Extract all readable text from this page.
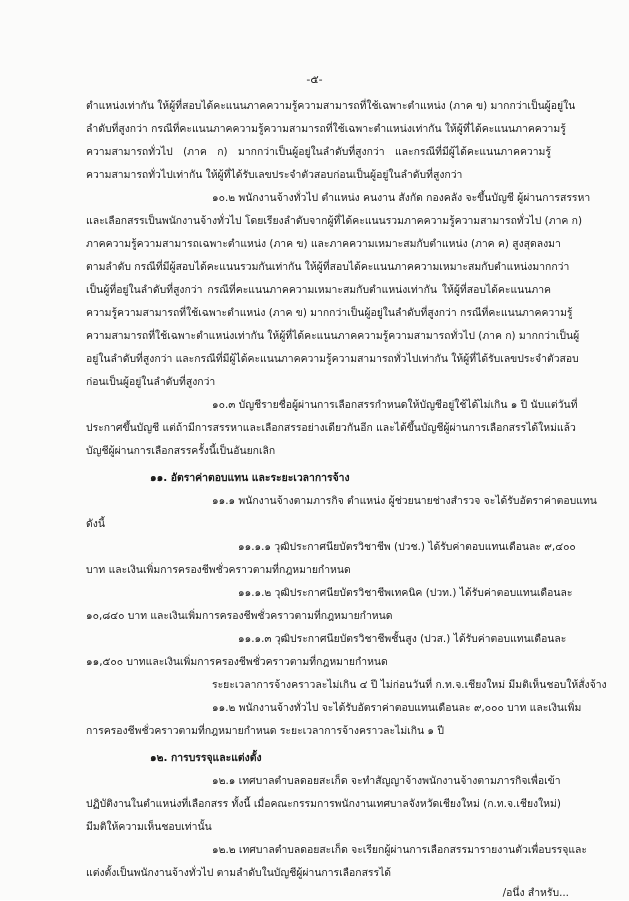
-๕-
ตำแหน่งเท่ากัน ให้ผู้ที่สอบได้คะแนนภาคความรู้ความสามารถที่ใช้เฉพาะตำแหน่ง (ภาค ข) มากกว่าเป็นผู้อยู่ใน
ลำดับที่สูงกว่า กรณีที่คะแนนภาคความรู้ความสามารถที่ใช้เฉพาะตำแหน่งเท่ากัน ให้ผู้ที่ได้คะแนนภาคความรู้
ความสามารถทั่วไป (ภาค ก) มากกว่าเป็นผู้อยู่ในลำดับที่สูงกว่า และกรณีที่มีผู้ได้คะแนนภาคความรู้
ความสามารถทั่วไปเท่ากัน ให้ผู้ที่ได้รับเลขประจำตัวสอบก่อนเป็นผู้อยู่ในลำดับที่สูงกว่า
๑๐.๒ พนักงานจ้างทั่วไป ตำแหน่ง คนงาน สังกัด กองคลัง จะขึ้นบัญชี ผู้ผ่านการสรรหา
และเลือกสรรเป็นพนักงานจ้างทั่วไป โดยเรียงลำดับจากผู้ที่ได้คะแนนรวมภาคความรู้ความสามารถทั่วไป (ภาค ก)
ภาคความรู้ความสามารถเฉพาะตำแหน่ง (ภาค ข) และภาคความเหมาะสมกับตำแหน่ง (ภาค ค) สูงสุดลงมา
ตามลำดับ กรณีที่มีผู้สอบได้คะแนนรวมกันเท่ากัน ให้ผู้ที่สอบได้คะแนนภาคความเหมาะสมกับตำแหน่งมากกว่า
เป็นผู้ที่อยู่ในลำดับที่สูงกว่า กรณีที่คะแนนภาคความเหมาะสมกับตำแหน่งเท่ากัน ให้ผู้ที่สอบได้คะแนนภาค
ความรู้ความสามารถที่ใช้เฉพาะตำแหน่ง (ภาค ข) มากกว่าเป็นผู้อยู่ในลำดับที่สูงกว่า กรณีที่คะแนนภาคความรู้
ความสามารถที่ใช้เฉพาะตำแหน่งเท่ากัน ให้ผู้ที่ได้คะแนนภาคความรู้ความสามารถทั่วไป (ภาค ก) มากกว่าเป็นผู้
อยู่ในลำดับที่สูงกว่า และกรณีที่มีผู้ได้คะแนนภาคความรู้ความสามารถทั่วไปเท่ากัน ให้ผู้ที่ได้รับเลขประจำตัวสอบ
ก่อนเป็นผู้อยู่ในลำดับที่สูงกว่า
๑๐.๓ บัญชีรายชื่อผู้ผ่านการเลือกสรรกำหนดให้บัญชีอยู่ใช้ได้ไม่เกิน ๑ ปี นับแต่วันที่
ประกาศขึ้นบัญชี แต่ถ้ามีการสรรหาและเลือกสรรอย่างเดียวกันอีก และได้ขึ้นบัญชีผู้ผ่านการเลือกสรรได้ใหม่แล้ว
บัญชีผู้ผ่านการเลือกสรรครั้งนี้เป็นอันยกเลิก
๑๑. อัตราค่าตอบแทน และระยะเวลาการจ้าง
๑๑.๑ พนักงานจ้างตามภารกิจ ตำแหน่ง ผู้ช่วยนายช่างสำรวจ จะได้รับอัตราค่าตอบแทน
ดังนี้
๑๑.๑.๑ วุฒิประกาศนียบัตรวิชาชีพ (ปวช.) ได้รับค่าตอบแทนเดือนละ ๙,๔๐๐
บาท และเงินเพิ่มการครองชีพชั่วคราวตามที่กฎหมายกำหนด
๑๑.๑.๒ วุฒิประกาศนียบัตรวิชาชีพเทคนิค (ปวท.) ได้รับค่าตอบแทนเดือนละ
๑๐,๘๔๐ บาท และเงินเพิ่มการครองชีพชั่วคราวตามที่กฎหมายกำหนด
๑๑.๑.๓ วุฒิประกาศนียบัตรวิชาชีพชั้นสูง (ปวส.) ได้รับค่าตอบแทนเดือนละ
๑๑,๕๐๐ บาทและเงินเพิ่มการครองชีพชั่วคราวตามที่กฎหมายกำหนด
ระยะเวลาการจ้างคราวละไม่เกิน ๔ ปี ไม่ก่อนวันที่ ก.ท.จ.เชียงใหม่ มีมติเห็นชอบให้สั่งจ้าง
๑๑.๒ พนักงานจ้างทั่วไป จะได้รับอัตราค่าตอบแทนเดือนละ ๙,๐๐๐ บาท และเงินเพิ่ม
การครองชีพชั่วคราวตามที่กฎหมายกำหนด ระยะเวลาการจ้างคราวละไม่เกิน ๑ ปี
๑๒. การบรรจุและแต่งตั้ง
๑๒.๑ เทศบาลตำบลดอยสะเก็ด จะทำสัญญาจ้างพนักงานจ้างตามภารกิจเพื่อเข้า
ปฏิบัติงานในตำแหน่งที่เลือกสรร ทั้งนี้ เมื่อคณะกรรมการพนักงานเทศบาลจังหวัดเชียงใหม่ (ก.ท.จ.เชียงใหม่)
มีมติให้ความเห็นชอบเท่านั้น
๑๒.๒ เทศบาลตำบลดอยสะเก็ด จะเรียกผู้ผ่านการเลือกสรรมารายงานตัวเพื่อบรรจุและ
แต่งตั้งเป็นพนักงานจ้างทั่วไป ตามลำดับในบัญชีผู้ผ่านการเลือกสรรได้
/อนึ่ง สำหรับ...
